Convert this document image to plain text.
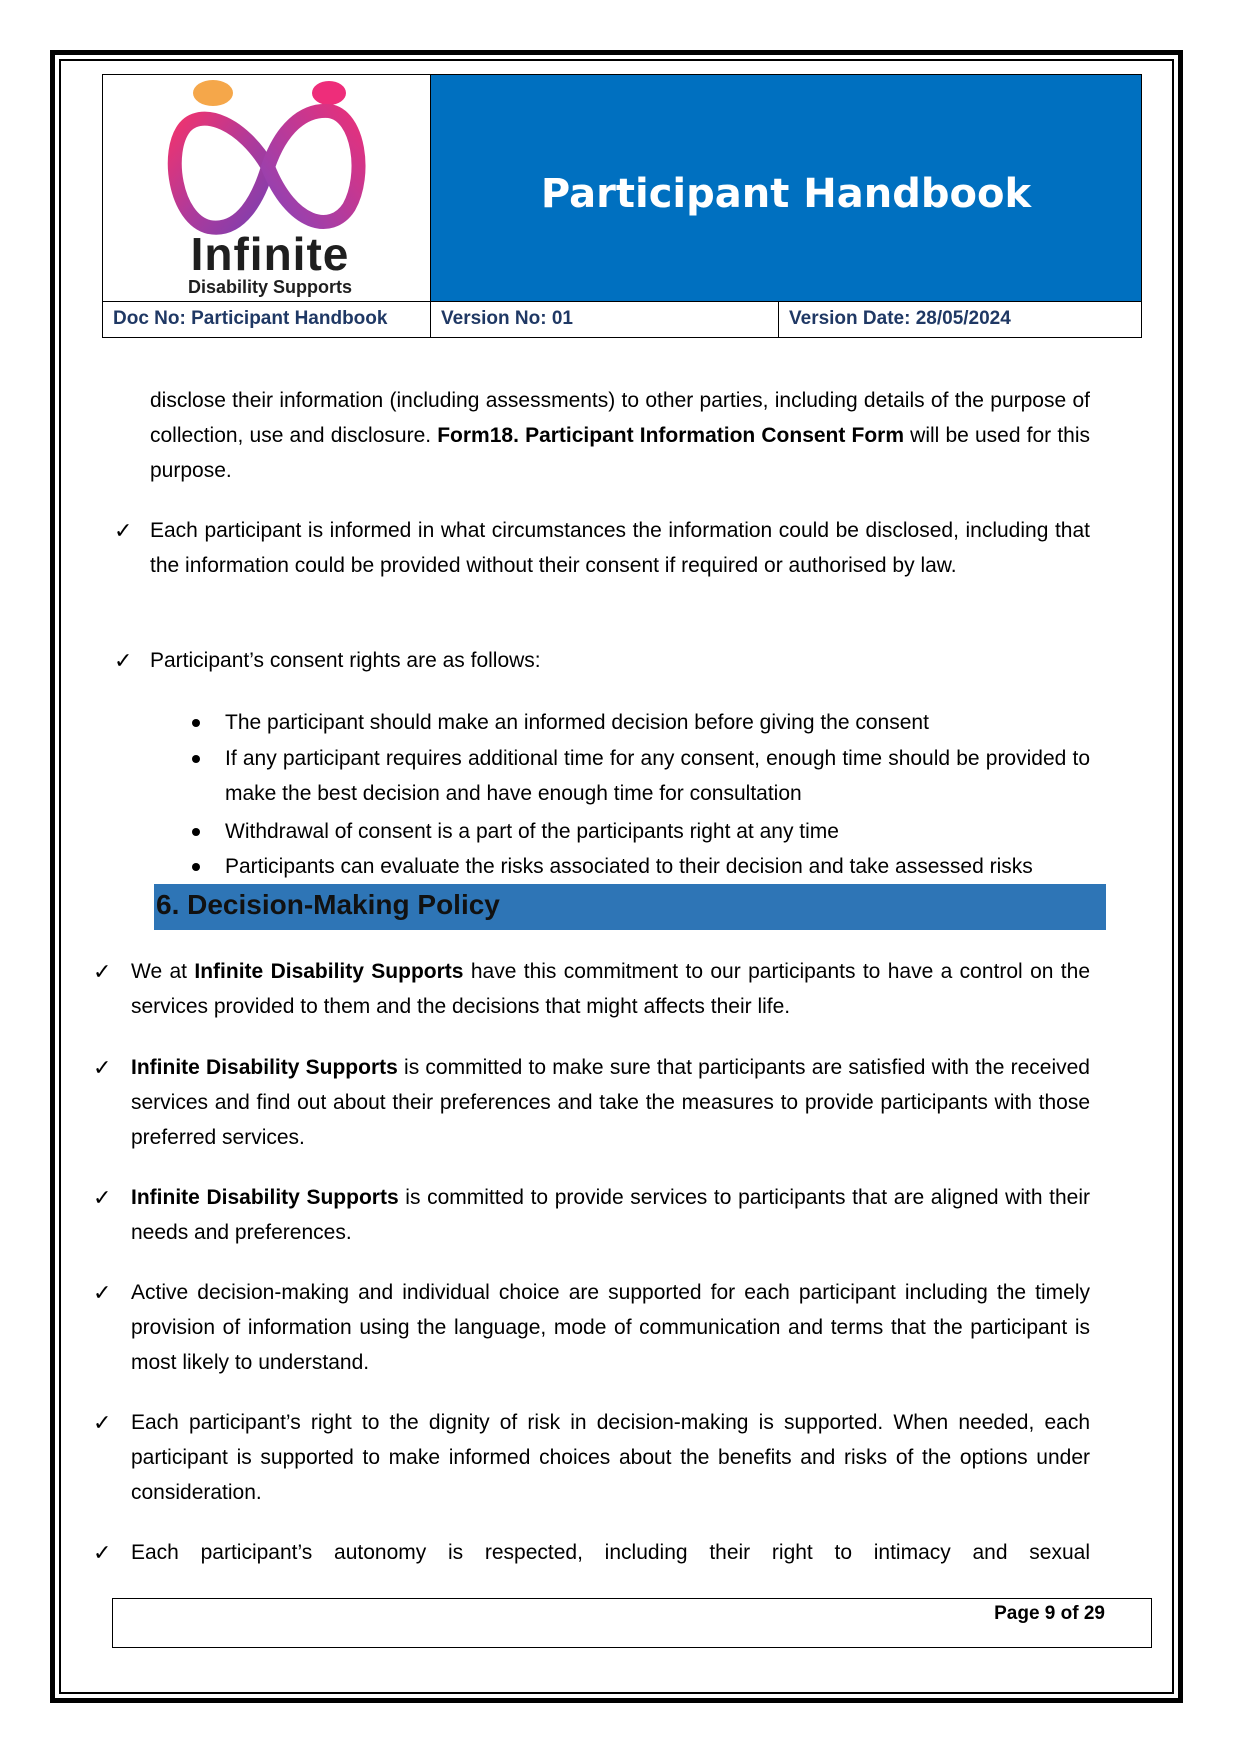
Infinite
Disability Supports
Participant Handbook
Doc No: Participant Handbook	Version No: 01	Version Date: 28/05/2024
disclose their information (including assessments) to other parties, including details of the purpose of collection, use and disclosure. Form18. Participant Information Consent Form will be used for this purpose.
✓ Each participant is informed in what circumstances the information could be disclosed, including that the information could be provided without their consent if required or authorised by law.
✓ Participant’s consent rights are as follows:
The participant should make an informed decision before giving the consent
If any participant requires additional time for any consent, enough time should be provided to make the best decision and have enough time for consultation
Withdrawal of consent is a part of the participants right at any time
Participants can evaluate the risks associated to their decision and take assessed risks
6. Decision-Making Policy
✓ We at Infinite Disability Supports have this commitment to our participants to have a control on the services provided to them and the decisions that might affects their life.
✓ Infinite Disability Supports is committed to make sure that participants are satisfied with the received services and find out about their preferences and take the measures to provide participants with those preferred services.
✓ Infinite Disability Supports is committed to provide services to participants that are aligned with their needs and preferences.
✓ Active decision-making and individual choice are supported for each participant including the timely provision of information using the language, mode of communication and terms that the participant is most likely to understand.
✓ Each participant’s right to the dignity of risk in decision-making is supported. When needed, each participant is supported to make informed choices about the benefits and risks of the options under consideration.
✓ Each participant’s autonomy is respected, including their right to intimacy and sexual
Page 9 of 29
